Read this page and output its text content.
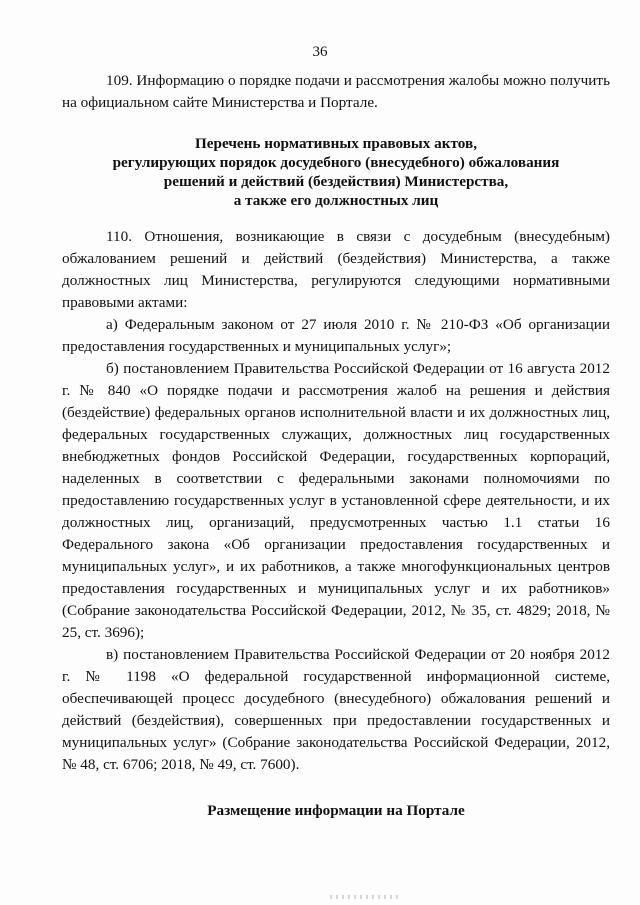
36

109. Информацию о порядке подачи и рассмотрения жалобы можно получить на официальном сайте Министерства и Портале.

Перечень нормативных правовых актов,
регулирующих порядок досудебного (внесудебного) обжалования
решений и действий (бездействия) Министерства,
а также его должностных лиц

110. Отношения, возникающие в связи с досудебным (внесудебным) обжалованием решений и действий (бездействия) Министерства, а также должностных лиц Министерства, регулируются следующими нормативными правовыми актами:

а) Федеральным законом от 27 июля 2010 г. № 210-ФЗ «Об организации предоставления государственных и муниципальных услуг»;

б) постановлением Правительства Российской Федерации от 16 августа 2012 г. № 840 «О порядке подачи и рассмотрения жалоб на решения и действия (бездействие) федеральных органов исполнительной власти и их должностных лиц, федеральных государственных служащих, должностных лиц государственных внебюджетных фондов Российской Федерации, государственных корпораций, наделенных в соответствии с федеральными законами полномочиями по предоставлению государственных услуг в установленной сфере деятельности, и их должностных лиц, организаций, предусмотренных частью 1.1 статьи 16 Федерального закона «Об организации предоставления государственных и муниципальных услуг», и их работников, а также многофункциональных центров предоставления государственных и муниципальных услуг и их работников» (Собрание законодательства Российской Федерации, 2012, № 35, ст. 4829; 2018, № 25, ст. 3696);

в) постановлением Правительства Российской Федерации от 20 ноября 2012 г. № 1198 «О федеральной государственной информационной системе, обеспечивающей процесс досудебного (внесудебного) обжалования решений и действий (бездействия), совершенных при предоставлении государственных и муниципальных услуг» (Собрание законодательства Российской Федерации, 2012, № 48, ст. 6706; 2018, № 49, ст. 7600).

Размещение информации на Портале
